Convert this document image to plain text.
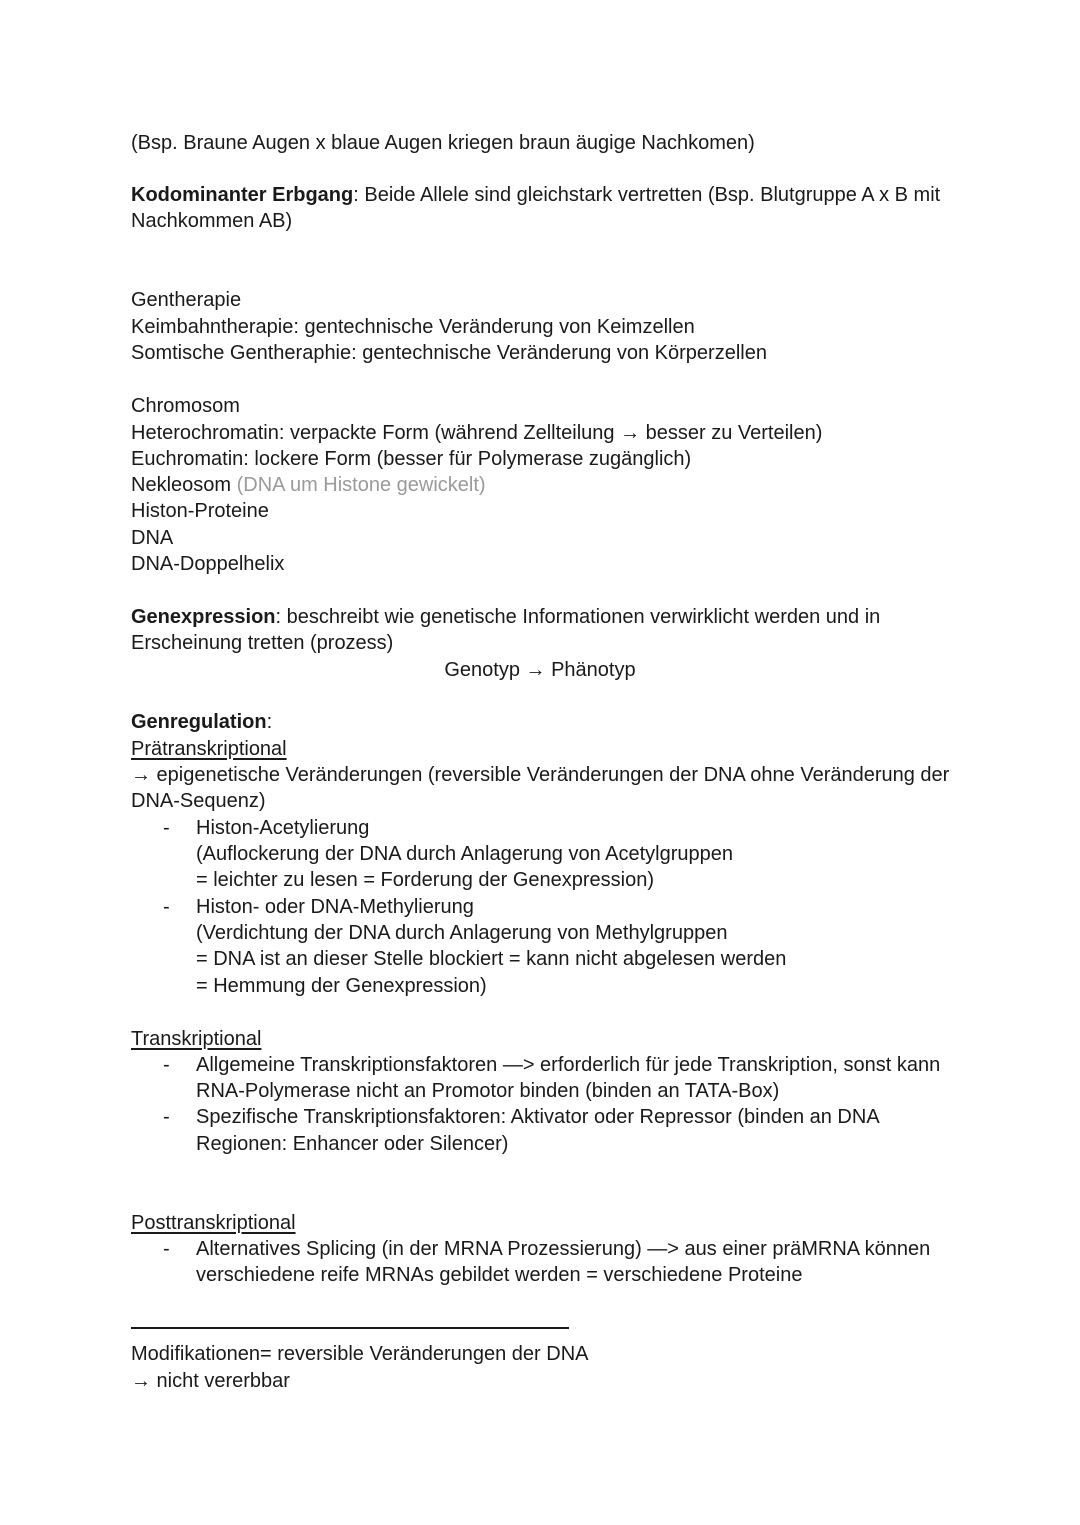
(Bsp. Braune Augen x blaue Augen kriegen braun äugige Nachkomen)

Kodominanter Erbgang: Beide Allele sind gleichstark vertretten (Bsp. Blutgruppe A x B mit

Nachkommen AB)

Gentherapie

Keimbahntherapie: gentechnische Veränderung von Keimzellen

Somtische Gentheraphie: gentechnische Veränderung von Körperzellen

Chromosom

Heterochromatin: verpackte Form (während Zellteilung → besser zu Verteilen)

Euchromatin: lockere Form (besser für Polymerase zugänglich)

Nekleosom (DNA um Histone gewickelt)

Histon-Proteine

DNA

DNA-Doppelhelix

Genexpression: beschreibt wie genetische Informationen verwirklicht werden und in

Erscheinung tretten (prozess)

Genotyp → Phänotyp

Genregulation:

Prätranskriptional

→ epigenetische Veränderungen (reversible Veränderungen der DNA ohne Veränderung der

DNA-Sequenz)

- Histon-Acetylierung

(Auflockerung der DNA durch Anlagerung von Acetylgruppen

= leichter zu lesen = Forderung der Genexpression)

- Histon- oder DNA-Methylierung

(Verdichtung der DNA durch Anlagerung von Methylgruppen

= DNA ist an dieser Stelle blockiert = kann nicht abgelesen werden

= Hemmung der Genexpression)

Transkriptional

- Allgemeine Transkriptionsfaktoren —> erforderlich für jede Transkription, sonst kann

RNA-Polymerase nicht an Promotor binden (binden an TATA-Box)

- Spezifische Transkriptionsfaktoren: Aktivator oder Repressor (binden an DNA

Regionen: Enhancer oder Silencer)

Posttranskriptional

- Alternatives Splicing (in der MRNA Prozessierung) —> aus einer präMRNA können

verschiedene reife MRNAs gebildet werden = verschiedene Proteine

Modifikationen= reversible Veränderungen der DNA

→ nicht vererbbar
